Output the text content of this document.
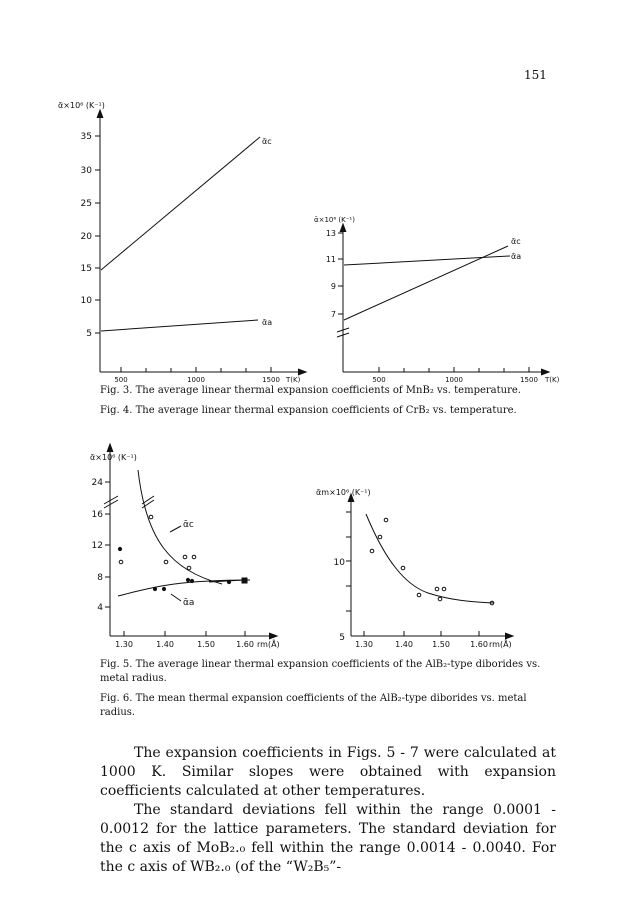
151
ᾱ×10⁶ (K⁻¹)
35
30
25
20
15
10
5
500	1000	1500 T(K)
ᾱc
ᾱa
ᾱ×10⁶ (K⁻¹)
13
11
9
7
500	1000	1500 T(K)
ᾱc
ᾱa
ᾱ×10⁶ (K⁻¹)
24
16
12
8
4
1.30	1.40	1.50	1.60 rm(Å)
ᾱc
ᾱa
ᾱm×10⁶ (K⁻¹)
10
5
1.30	1.40 1.50	1.60 rm(Å)
Fig. 3. The average linear thermal expansion coefficients of MnB₂ vs. temperature.
Fig. 4. The average linear thermal expansion coefficients of CrB₂ vs. temperature.
Fig. 5. The average linear thermal expansion coefficients of the AlB₂-type diborides vs. metal radius.
Fig. 6. The mean thermal expansion coefficients of the AlB₂-type diborides vs. metal radius.

The expansion coefficients in Figs. 5 - 7 were calculated at 1000 K. Similar slopes were obtained with expansion coefficients calculated at other temperatures.

The standard deviations fell within the range 0.0001 - 0.0012 for the lattice parameters. The standard deviation for the c axis of MoB₂.₀ fell within the range 0.0014 - 0.0040. For the c axis of WB₂.₀ (of the “W₂B₅”-
